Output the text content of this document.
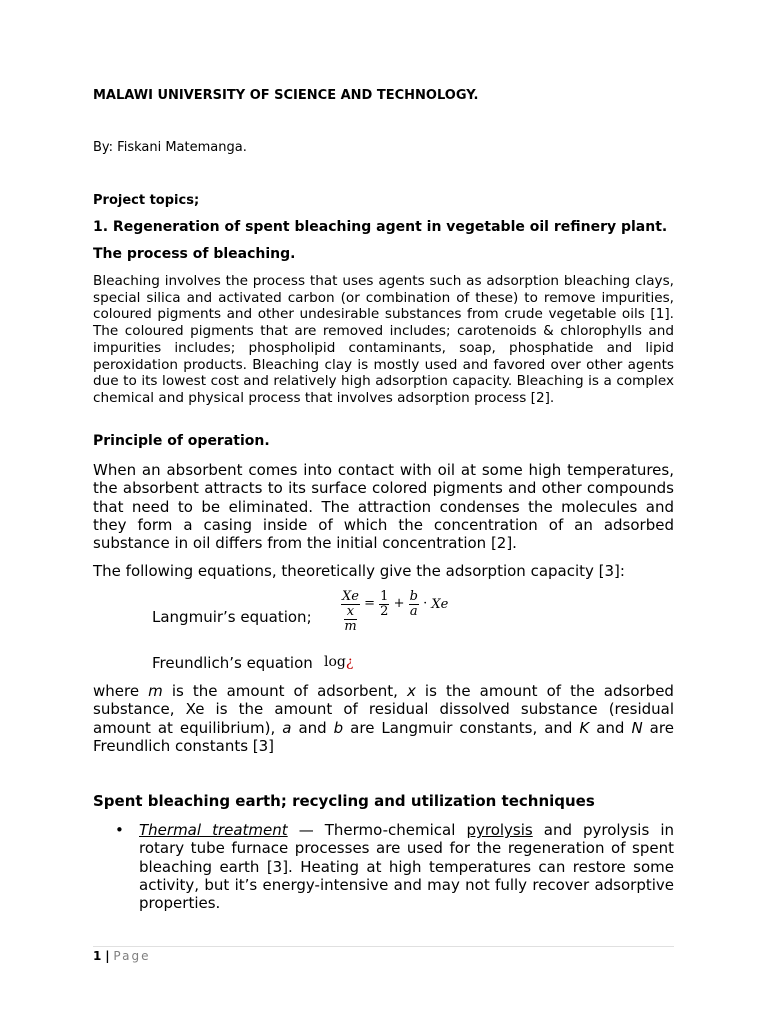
MALAWI UNIVERSITY OF SCIENCE AND TECHNOLOGY.
By: Fiskani Matemanga.
Project topics;
1. Regeneration of spent bleaching agent in vegetable oil refinery plant.
The process of bleaching.
Bleaching involves the process that uses agents such as adsorption bleaching clays, special silica and activated carbon (or combination of these) to remove impurities, coloured pigments and other undesirable substances from crude vegetable oils [1]. The coloured pigments that are removed includes; carotenoids & chlorophylls and impurities includes; phospholipid contaminants, soap, phosphatide and lipid peroxidation products. Bleaching clay is mostly used and favored over other agents due to its lowest cost and relatively high adsorption capacity. Bleaching is a complex chemical and physical process that involves adsorption process [2].
Principle of operation.
When an absorbent comes into contact with oil at some high temperatures, the absorbent attracts to its surface colored pigments and other compounds that need to be eliminated. The attraction condenses the molecules and they form a casing inside of which the concentration of an adsorbed substance in oil differs from the initial concentration [2].
The following equations, theoretically give the adsorption capacity [3]:
Langmuir’s equation; $\frac{Xe}{\frac{x}{m}} = \frac{1}{2} + \frac{b}{a} \cdot Xe$
Freundlich’s equation log¿
where m is the amount of adsorbent, x is the amount of the adsorbed substance, Xe is the amount of residual dissolved substance (residual amount at equilibrium), a and b are Langmuir constants, and K and N are Freundlich constants [3]
Spent bleaching earth; recycling and utilization techniques
• Thermal treatment — Thermo-chemical pyrolysis and pyrolysis in rotary tube furnace processes are used for the regeneration of spent bleaching earth [3]. Heating at high temperatures can restore some activity, but it’s energy-intensive and may not fully recover adsorptive properties.
1 | Page
